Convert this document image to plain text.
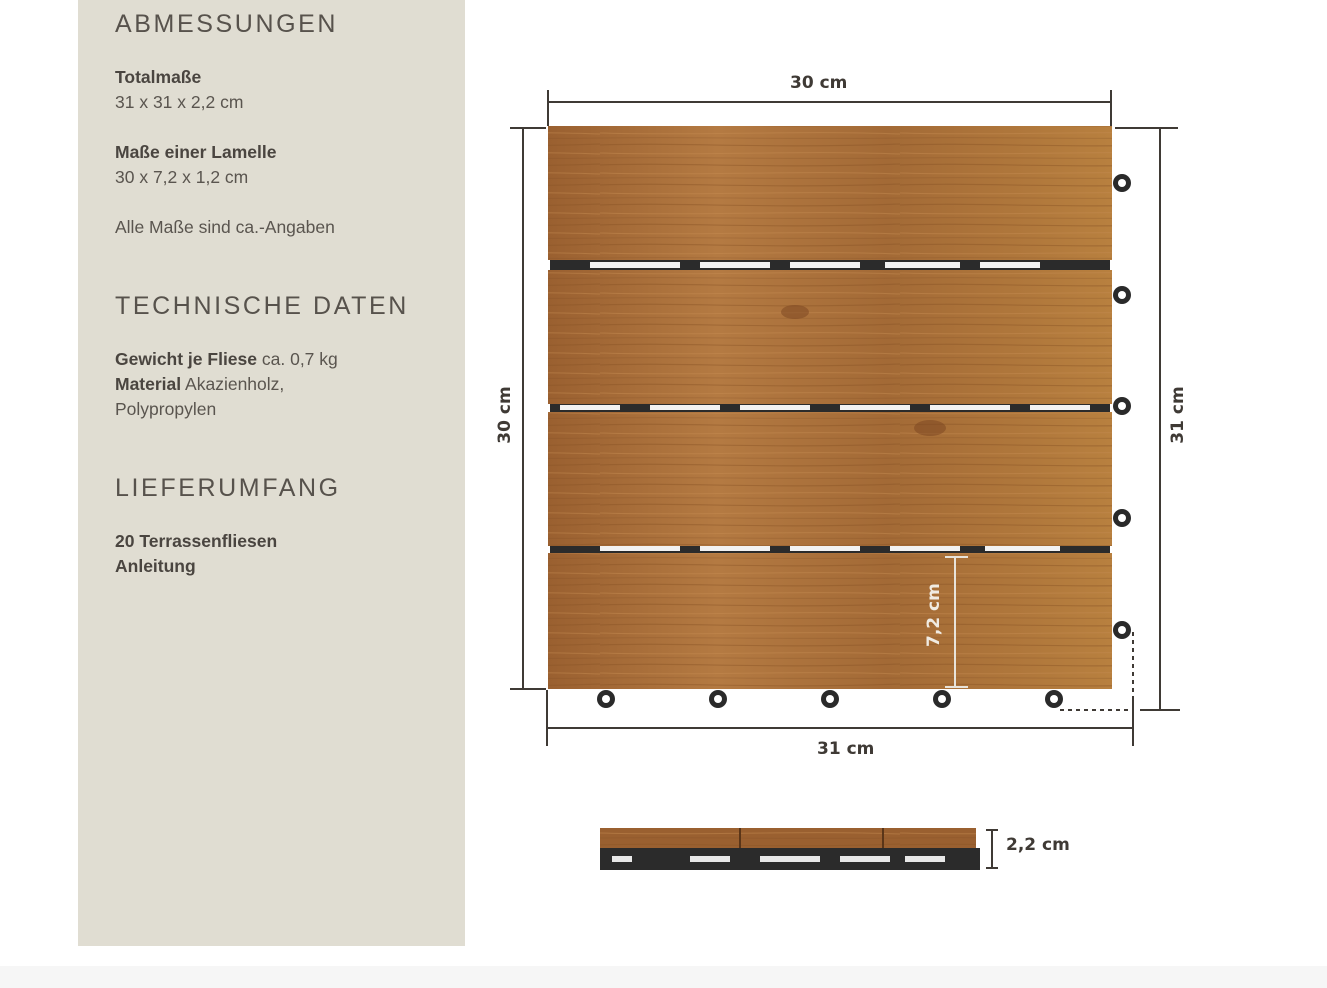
ABMESSUNGEN
Totalmaße
31 x 31 x 2,2 cm
Maße einer Lamelle
30 x 7,2 x 1,2 cm
Alle Maße sind ca.-Angaben
TECHNISCHE DATEN
Gewicht je Fliese ca. 0,7 kg
Material Akazienholz,
Polypropylen
LIEFERUMFANG
20 Terrassenfliesen
Anleitung
30 cm
30 cm	31 cm
31 cm
7,2 cm
2,2 cm
